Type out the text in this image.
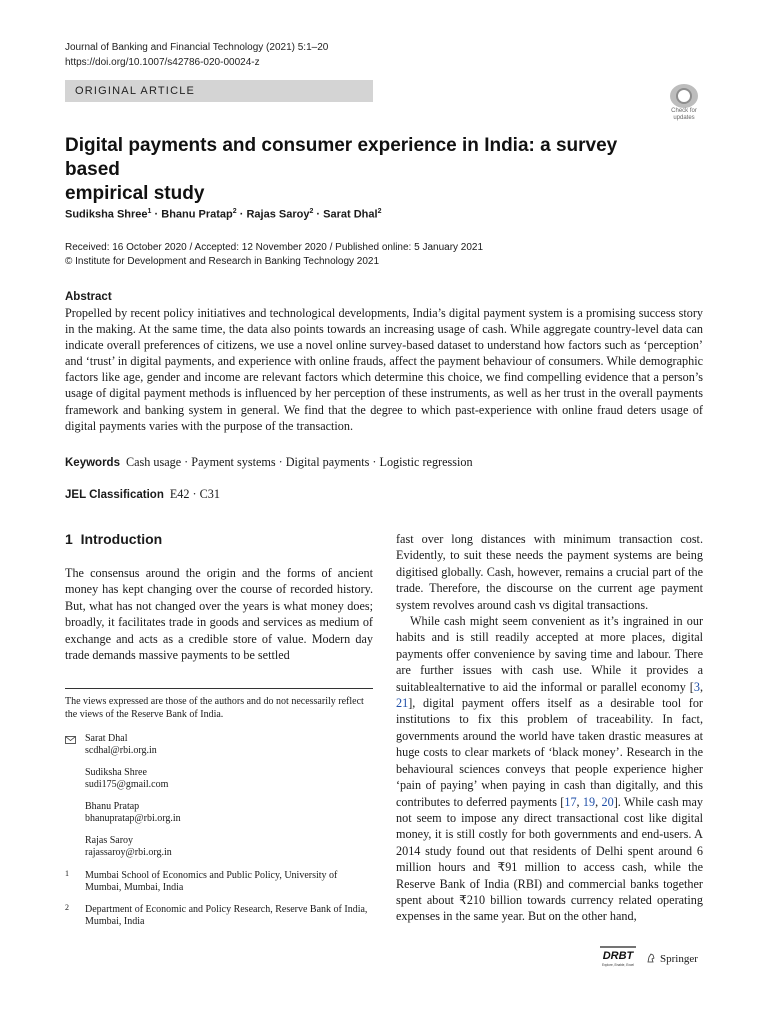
Journal of Banking and Financial Technology (2021) 5:1–20
https://doi.org/10.1007/s42786-020-00024-z
ORIGINAL ARTICLE
Check for updates
Digital payments and consumer experience in India: a survey based
empirical study
Sudiksha Shree$^1$ · Bhanu Pratap$^2$ · Rajas Saroy$^2$ · Sarat Dhal$^2$
Received: 16 October 2020 / Accepted: 12 November 2020 / Published online: 5 January 2021
© Institute for Development and Research in Banking Technology 2021
Abstract
Propelled by recent policy initiatives and technological developments, India’s digital payment system is a promising success story in the making. At the same time, the data also points towards an increasing usage of cash. While aggregate country-level data can indicate overall preferences of citizens, we use a novel online survey-based dataset to understand how factors such as ‘perception’ and ‘trust’ in digital payments, and experience with online frauds, affect the payment behaviour of consumers. While demographic factors like age, gender and income are relevant factors which determine this choice, we find compelling evidence that a person’s usage of digital payment methods is influenced by her perception of these instruments, as well as her trust in the overall payments framework and banking system in general. We find that the degree to which past-experience with online fraud deters usage of digital payments varies with the purpose of the transaction.
Keywords Cash usage · Payment systems · Digital payments · Logistic regression
JEL Classification E42 · C31
1 Introduction

The consensus around the origin and the forms of ancient money has kept changing over the course of recorded history. But, what has not changed over the years is what money does; broadly, it facilitates trade in goods and services as medium of exchange and acts as a credible store of value. Modern day trade demands massive payments to be settled

The views expressed are those of the authors and do not necessarily reflect the views of the Reserve Bank of India.
Sarat Dhal
scdhal@rbi.org.in
Sudiksha Shree
sudi175@gmail.com
Bhanu Pratap
bhanupratap@rbi.org.in
Rajas Saroy
rajassaroy@rbi.org.in
1 Mumbai School of Economics and Public Policy, University of Mumbai, Mumbai, India
2 Department of Economic and Policy Research, Reserve Bank of India, Mumbai, India

fast over long distances with minimum transaction cost. Evidently, to suit these needs the payment systems are being digitised globally. Cash, however, remains a crucial part of the trade. Therefore, the discourse on the current age payment system revolves around cash vs digital transactions.

While cash might seem convenient as it’s ingrained in our habits and is still readily accepted at more places, digital payments offer convenience by saving time and labour. There are further issues with cash use. While it provides a suitablealternative to aid the informal or parallel economy [3, 21], digital payment offers itself as a desirable tool for institutions to fix this problem of traceability. In fact, governments around the world have taken drastic measures at huge costs to clear markets of ‘black money’. Research in the behavioural sciences conveys that people experience higher ‘pain of paying’ when paying in cash than digitally, and this contributes to deferred payments [17, 19, 20]. While cash may not seem to impose any direct transactional cost like digital money, it is still costly for both governments and end-users. A 2014 study found out that residents of Delhi spent around 6 million hours and ₹91 million to access cash, while the Reserve Bank of India (RBI) and commercial banks together spent about ₹210 billion towards currency related operating expenses in the same year. But on the other hand,

DRBT
Explore, Enable, Excel	Springer
